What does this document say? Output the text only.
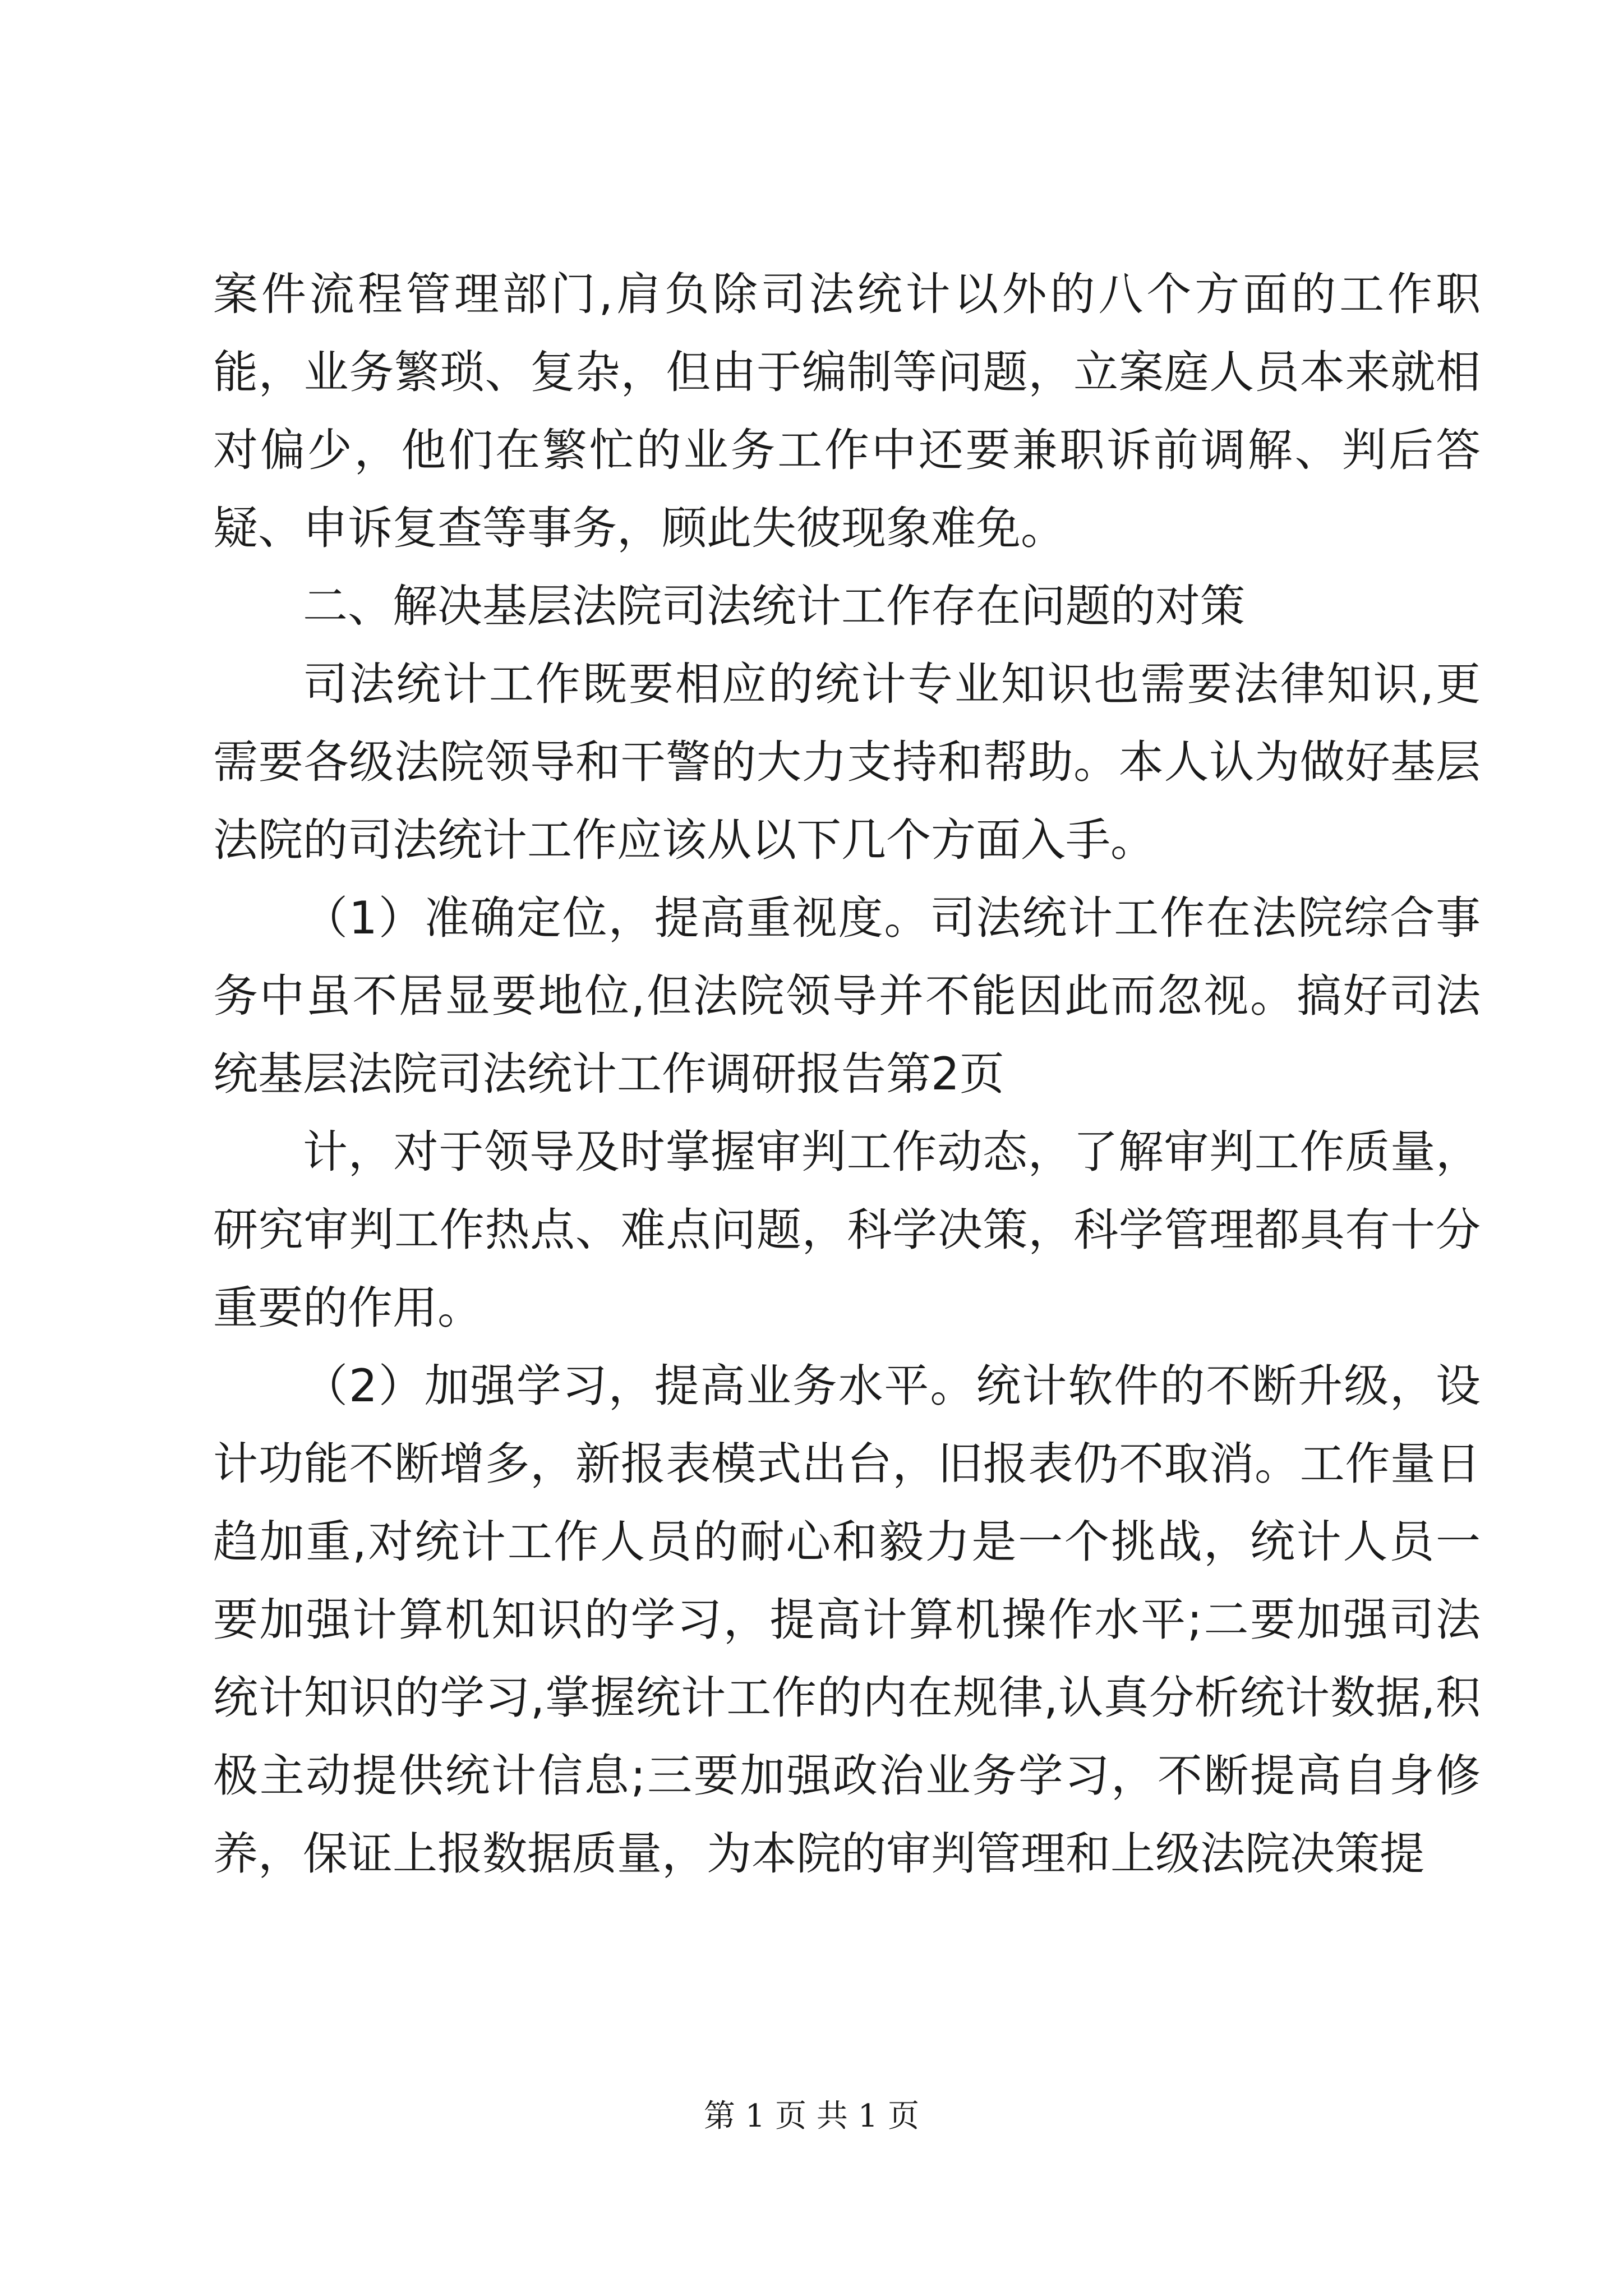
案件流程管理部门,肩负除司法统计以外的八个方面的工作职能，业务繁琐、复杂，但由于编制等问题，立案庭人员本来就相对偏少，他们在繁忙的业务工作中还要兼职诉前调解、判后答疑、申诉复查等事务，顾此失彼现象难免。

二、解决基层法院司法统计工作存在问题的对策

司法统计工作既要相应的统计专业知识也需要法律知识,更需要各级法院领导和干警的大力支持和帮助。本人认为做好基层法院的司法统计工作应该从以下几个方面入手。

（1）准确定位，提高重视度。司法统计工作在法院综合事务中虽不居显要地位,但法院领导并不能因此而忽视。搞好司法统基层法院司法统计工作调研报告第2页

计，对于领导及时掌握审判工作动态，了解审判工作质量，研究审判工作热点、难点问题，科学决策，科学管理都具有十分重要的作用。

（2）加强学习，提高业务水平。统计软件的不断升级，设计功能不断增多，新报表模式出台，旧报表仍不取消。工作量日趋加重,对统计工作人员的耐心和毅力是一个挑战，统计人员一要加强计算机知识的学习，提高计算机操作水平;二要加强司法统计知识的学习,掌握统计工作的内在规律,认真分析统计数据,积极主动提供统计信息;三要加强政治业务学习，不断提高自身修养，保证上报数据质量，为本院的审判管理和上级法院决策提

第 1 页 共 1 页
